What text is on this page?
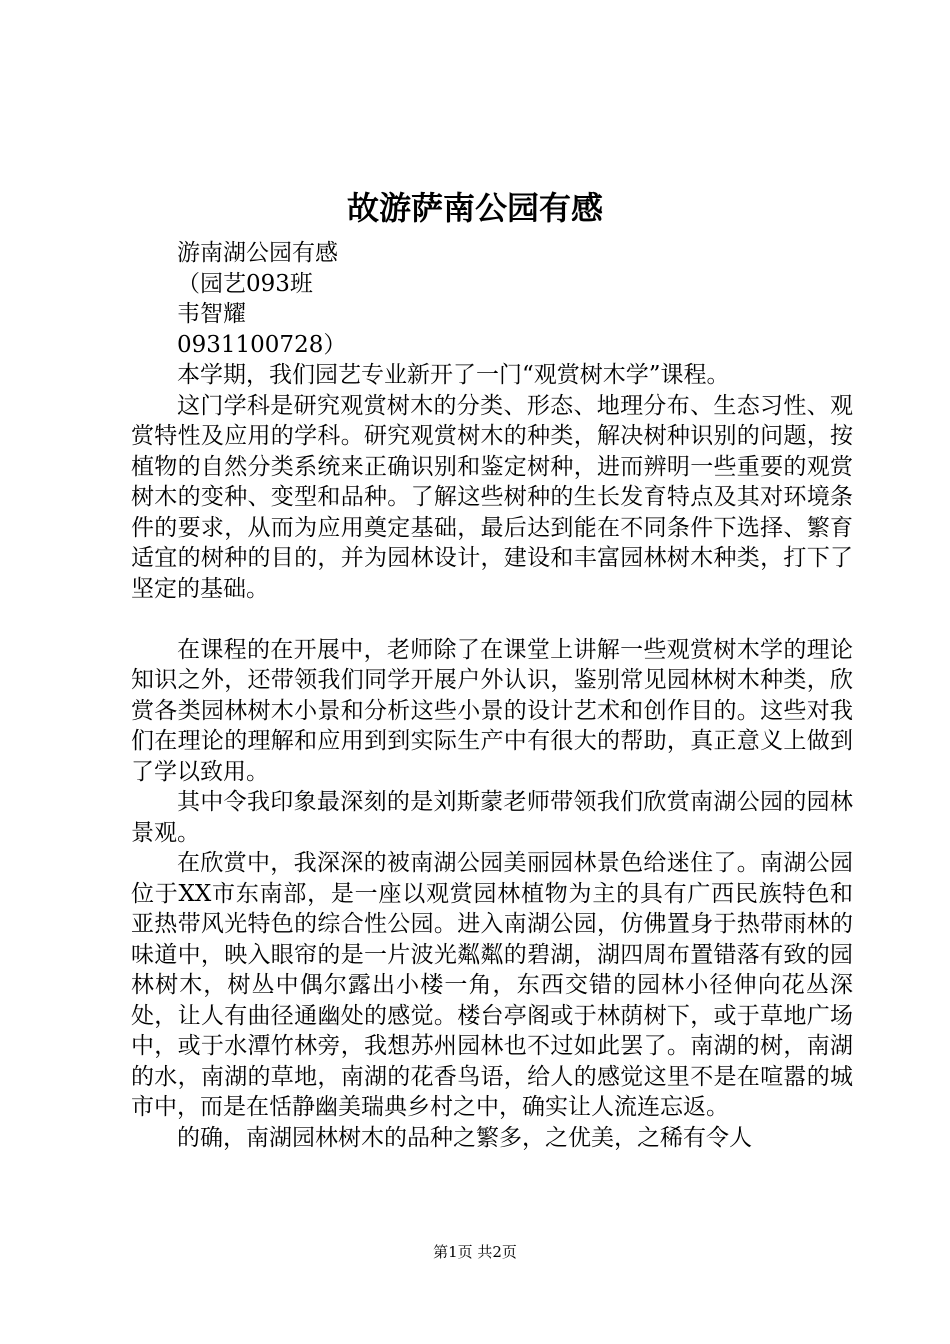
故游萨南公园有感

游南湖公园有感

（园艺093班

韦智耀

0931100728）

本学期，我们园艺专业新开了一门“观赏树木学”课程。

这门学科是研究观赏树木的分类、形态、地理分布、生态习性、观赏特性及应用的学科。研究观赏树木的种类，解决树种识别的问题，按植物的自然分类系统来正确识别和鉴定树种，进而辨明一些重要的观赏树木的变种、变型和品种。了解这些树种的生长发育特点及其对环境条件的要求，从而为应用奠定基础，最后达到能在不同条件下选择、繁育适宜的树种的目的，并为园林设计，建设和丰富园林树木种类，打下了坚定的基础。

在课程的在开展中，老师除了在课堂上讲解一些观赏树木学的理论知识之外，还带领我们同学开展户外认识，鉴别常见园林树木种类，欣赏各类园林树木小景和分析这些小景的设计艺术和创作目的。这些对我们在理论的理解和应用到到实际生产中有很大的帮助，真正意义上做到了学以致用。

其中令我印象最深刻的是刘斯蒙老师带领我们欣赏南湖公园的园林景观。

在欣赏中，我深深的被南湖公园美丽园林景色给迷住了。南湖公园位于XX市东南部，是一座以观赏园林植物为主的具有广西民族特色和亚热带风光特色的综合性公园。进入南湖公园，仿佛置身于热带雨林的味道中，映入眼帘的是一片波光粼粼的碧湖，湖四周布置错落有致的园林树木，树丛中偶尔露出小楼一角，东西交错的园林小径伸向花丛深处，让人有曲径通幽处的感觉。楼台亭阁或于林荫树下，或于草地广场中，或于水潭竹林旁，我想苏州园林也不过如此罢了。南湖的树，南湖的水，南湖的草地，南湖的花香鸟语，给人的感觉这里不是在喧嚣的城市中，而是在恬静幽美瑞典乡村之中，确实让人流连忘返。

的确，南湖园林树木的品种之繁多，之优美，之稀有令人

第1页 共2页
